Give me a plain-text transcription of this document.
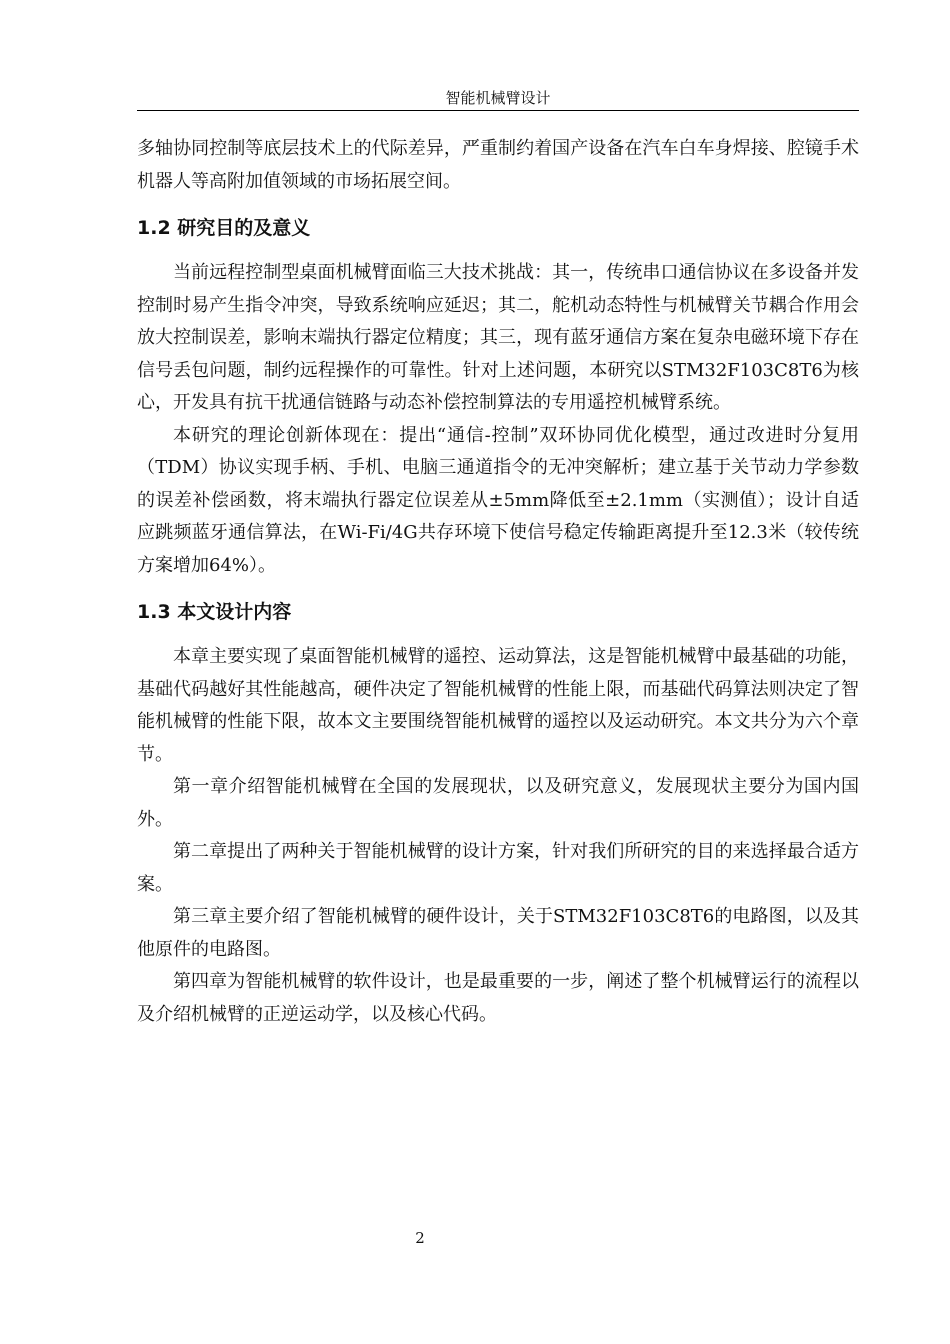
智能机械臂设计

多轴协同控制等底层技术上的代际差异，严重制约着国产设备在汽车白车身焊接、腔镜手术机器人等高附加值领域的市场拓展空间。

1.2 研究目的及意义

当前远程控制型桌面机械臂面临三大技术挑战：其一，传统串口通信协议在多设备并发控制时易产生指令冲突，导致系统响应延迟；其二，舵机动态特性与机械臂关节耦合作用会放大控制误差，影响末端执行器定位精度；其三，现有蓝牙通信方案在复杂电磁环境下存在信号丢包问题，制约远程操作的可靠性。针对上述问题，本研究以STM32F103C8T6为核心，开发具有抗干扰通信链路与动态补偿控制算法的专用遥控机械臂系统。

本研究的理论创新体现在：提出“通信-控制”双环协同优化模型，通过改进时分复用（TDM）协议实现手柄、手机、电脑三通道指令的无冲突解析；建立基于关节动力学参数的误差补偿函数，将末端执行器定位误差从±5mm降低至±2.1mm（实测值）；设计自适应跳频蓝牙通信算法，在Wi-Fi/4G共存环境下使信号稳定传输距离提升至12.3米（较传统方案增加64%）。

1.3 本文设计内容

本章主要实现了桌面智能机械臂的遥控、运动算法，这是智能机械臂中最基础的功能，基础代码越好其性能越高，硬件决定了智能机械臂的性能上限，而基础代码算法则决定了智能机械臂的性能下限，故本文主要围绕智能机械臂的遥控以及运动研究。本文共分为六个章节。

第一章介绍智能机械臂在全国的发展现状，以及研究意义，发展现状主要分为国内国外。

第二章提出了两种关于智能机械臂的设计方案，针对我们所研究的目的来选择最合适方案。

第三章主要介绍了智能机械臂的硬件设计，关于STM32F103C8T6的电路图，以及其他原件的电路图。

第四章为智能机械臂的软件设计，也是最重要的一步，阐述了整个机械臂运行的流程以及介绍机械臂的正逆运动学，以及核心代码。

2
